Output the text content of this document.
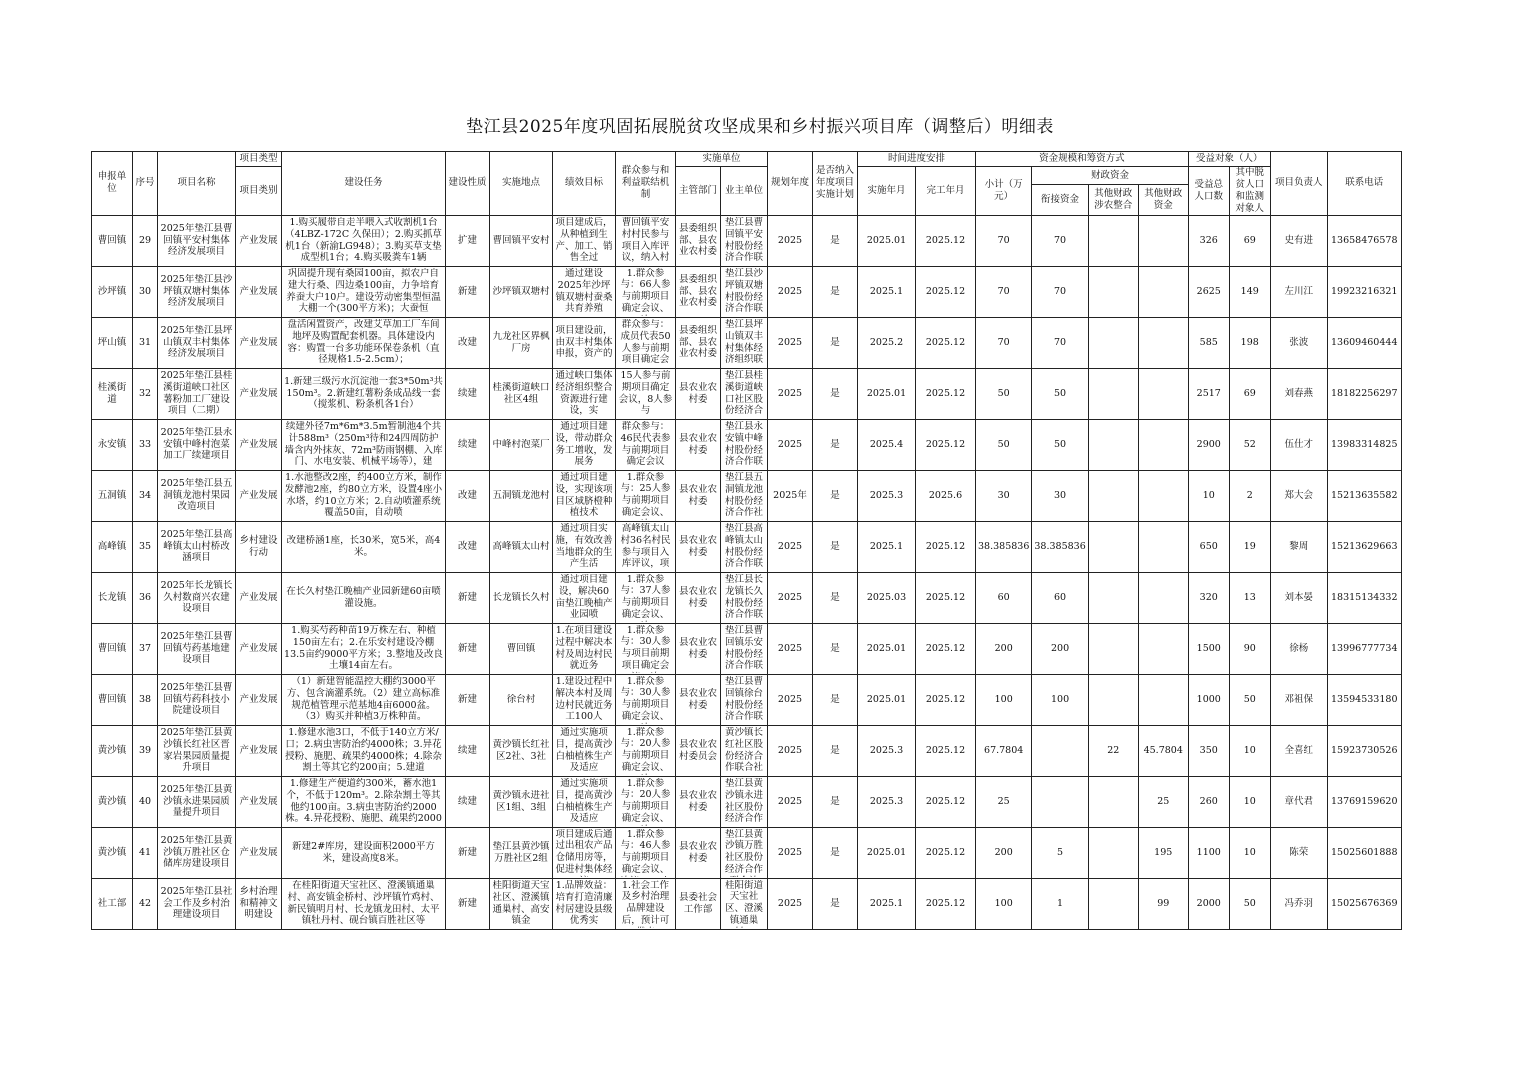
垫江县2025年度巩固拓展脱贫攻坚成果和乡村振兴项目库（调整后）明细表
申报单位	序号	项目名称	项目类型	建设任务	建设性质	实施地点	绩效目标	群众参与和利益联结机制	实施单位		规划年度	是否纳入年度项目实施计划	时间进度安排		资金规模和筹资方式				受益对象（人）		项目负责人	联系电话
			项目类别						主管部门	业主单位			实施年月	完工年月	小计（万元）	财政资金			受益总人口数	其中脱贫人口和监测对象人		
																衔接资金	其他财政涉农整合	其他财政资金				

曹回镇	29	2025年垫江县曹回镇平安村集体经济发展项目	产业发展	1.购买履带自走半喂入式收割机1台（4LBZ-172C 久保田）；2.购买抓草机1台（新渝LG948）；3.购买草支垫成型机1台；4.购买吸粪车1辆	扩建	曹回镇平安村	项目建成后，从种植到生产、加工、销售全过	曹回镇平安村村民参与项目入库评议，纳入村	县委组织部、县农业农村委	垫江县曹回镇平安村股份经济合作联	2025	是	2025.01	2025.12	70	70			326	69	史有进	13658476578

沙坪镇	30	2025年垫江县沙坪镇双塘村集体经济发展项目	产业发展	巩固提升现有桑园100亩，拟农户自建大行桑、四边桑100亩，力争培育养蚕大户10户。建设劳动密集型恒温大棚一个(300平方米)；大蚕恒	新建	沙坪镇双塘村	通过建设2025年沙坪镇双塘村蚕桑共育养殖	1.群众参与：66人参与前期项目确定会议、	县委组织部、县农业农村委	垫江县沙坪镇双塘村股份经济合作联	2025	是	2025.1	2025.12	70	70			2625	149	左川江	19923216321

坪山镇	31	2025年垫江县坪山镇双丰村集体经济发展项目	产业发展	盘活闲置资产，改建艾草加工厂车间地坪及购置配套机器。具体建设内容：购置一台多功能环保卷条机（直径规格1.5-2.5cm）；	改建	九龙社区界枫厂房	项目建设前，由双丰村集体申报，资产的	群众参与：成员代表50人参与前期项目确定会	县委组织部、县农业农村委	垫江县坪山镇双丰村集体经济组织联	2025	是	2025.2	2025.12	70	70			585	198	张波	13609460444

桂溪街道	32	2025年垫江县桂溪街道峡口社区薯粉加工厂建设项目（二期）	产业发展	1.新建三级污水沉淀池一套3*50m³共150m³。2.新建红薯粉条成品线一套（搅浆机、粉条机各1台）	续建	桂溪街道峡口社区4组	通过峡口集体经济组织整合资源进行建设，实	15人参与前期项目确定会议，8人参与	县农业农村委	垫江县桂溪街道峡口社区股份经济合	2025	是	2025.01	2025.12	50	50			2517	69	刘春燕	18182256297

永安镇	33	2025年垫江县永安镇中峰村泡菜加工厂续建项目	产业发展	续建外径7m*6m*3.5m暂制池4个共计588m³（250m³待和24四周防护墙含内外抹灰、72m³防雨钢棚、入库门、水电安装、机械平场等），建	续建	中峰村泡菜厂	通过项目建设，带动群众务工增收，发展务	群众参与：46民代表参与前期项目确定会议	县农业农村委	垫江县永安镇中峰村股份经济合作联	2025	是	2025.4	2025.12	50	50			2900	52	伍仕才	13983314825

五洞镇	34	2025年垫江县五洞镇龙池村果园改造项目	产业发展	1.水池整改2座，约400立方米，制作发酵池2座，约80立方米，设置4座小水塔，约10立方米；2.自动喷灌系统覆盖50亩，自动喷	改建	五洞镇龙池村	通过项目建设，实现该项目区域脐橙种植技术	1.群众参与：25人参与前期项目确定会议、	县农业农村委	垫江县五洞镇龙池村股份经济合作社	2025年	是	2025.3	2025.6	30	30			10	2	郑大会	15213635582

高峰镇	35	2025年垫江县高峰镇太山村桥改涵项目	乡村建设行动	改建桥涵1座，长30米，宽5米，高4米。	改建	高峰镇太山村	通过项目实施，有效改善当地群众的生产生活	高峰镇太山村36名村民参与项目入库评议，项	县农业农村委	垫江县高峰镇太山村股份经济合作联	2025	是	2025.1	2025.12	38.385836	38.385836			650	19	黎周	15213629663

长龙镇	36	2025年长龙镇长久村数商兴农建设项目	产业发展	在长久村垫江晚柚产业园新建60亩喷灌设施。	新建	长龙镇长久村	通过项目建设，解决60亩垫江晚柚产业园喷	1.群众参与：37人参与前期项目确定会议、	县农业农村委	垫江县长龙镇长久村股份经济合作联	2025	是	2025.03	2025.12	60	60			320	13	刘本晏	18315134332

曹回镇	37	2025年垫江县曹回镇芍药基地建设项目	产业发展	1.购买芍药种苗19万株左右、种植150亩左右；2.在乐安村建设冷棚13.5亩约9000平方米；3.整地及改良土壤14亩左右。	新建	曹回镇	1.在项目建设过程中解决本村及周边村民就近务	1.群众参与：30人参与项目前期项目确定会	县农业农村委	垫江县曹回镇乐安村股份经济合作联	2025	是	2025.01	2025.12	200	200			1500	90	徐杨	13996777734

曹回镇	38	2025年垫江县曹回镇芍药科技小院建设项目	产业发展	（1）新建智能温控大棚约3000平方、包含滴灌系统。（2）建立高标准规范植管理示范基地4亩6000盆。（3）购买并种植3万株种苗。	新建	徐台村	1.建设过程中解决本村及周边村民就近务工100人	1.群众参与：30人参与前期项目确定会议、	县农业农村委	垫江县曹回镇徐台村股份经济合作联	2025	是	2025.01	2025.12	100	100			1000	50	邓祖保	13594533180

黄沙镇	39	2025年垫江县黄沙镇长红社区晋家岩果园质量提升项目	产业发展	1.修建水池3口，不低于140立方米/口；2.病虫害防治约4000株；3.异花授粉、施肥、疏果约4000株；4.除杂割土等其它约200亩；5.建道	续建	黄沙镇长红社区2社、3社	通过实施项目，提高黄沙白柚植株生产及适应	1.群众参与：20人参与前期项目确定会议、	县农业农村委员会	黄沙镇长红社区股份经济合作联合社	2025	是	2025.3	2025.12	67.7804		22	45.7804	350	10	全喜红	15923730526

黄沙镇	40	2025年垫江县黄沙镇永进果园质量提升项目	产业发展	1.修建生产便道约300米，蓄水池1个，不低于120m³。2.除杂割土等其他约100亩。3.病虫害防治约2000株。4.异花授粉、施肥、疏果约2000	续建	黄沙镇永进社区1组、3组	通过实施项目，提高黄沙白柚植株生产及适应	1.群众参与：20人参与前期项目确定会议、	县农业农村委	垫江县黄沙镇永进社区股份经济合作	2025	是	2025.3	2025.12	25			25	260	10	章代君	13769159620

黄沙镇	41	2025年垫江县黄沙镇万胜社区仓储库房建设项目	产业发展	新建2#库房，建设面积2000平方米，建设高度8米。	新建	垫江县黄沙镇万胜社区2组	项目建成后通过出租农产品仓储用房等，促进村集体经	1.群众参与：46人参与前期项目确定会议、	县农业农村委	垫江县黄沙镇万胜社区股份经济合作	2025	是	2025.01	2025.12	200	5		195	1100	10	陈荣	15025601888

社工部	42	2025年垫江县社会工作及乡村治理建设项目	乡村治理和精神文明建设	在桂阳街道天宝社区、澄溪镇通巢村、高安镇金桥村、沙坪镇竹鸡村、新民镇明月村、长龙镇龙田村、太平镇牡丹村、砚台镇百胜社区等	新建	桂阳街道天宝社区、澄溪镇通巢村、高安镇金	1.品牌效益：培育打造清廉村居建设县级优秀实	1.社会工作及乡村治理品牌建设后，预计可	县委社会工作部	桂阳街道天宝社区、澄溪镇通巢	2025	是	2025.1	2025.12	100	1		99	2000	50	冯乔羽	15025676369
